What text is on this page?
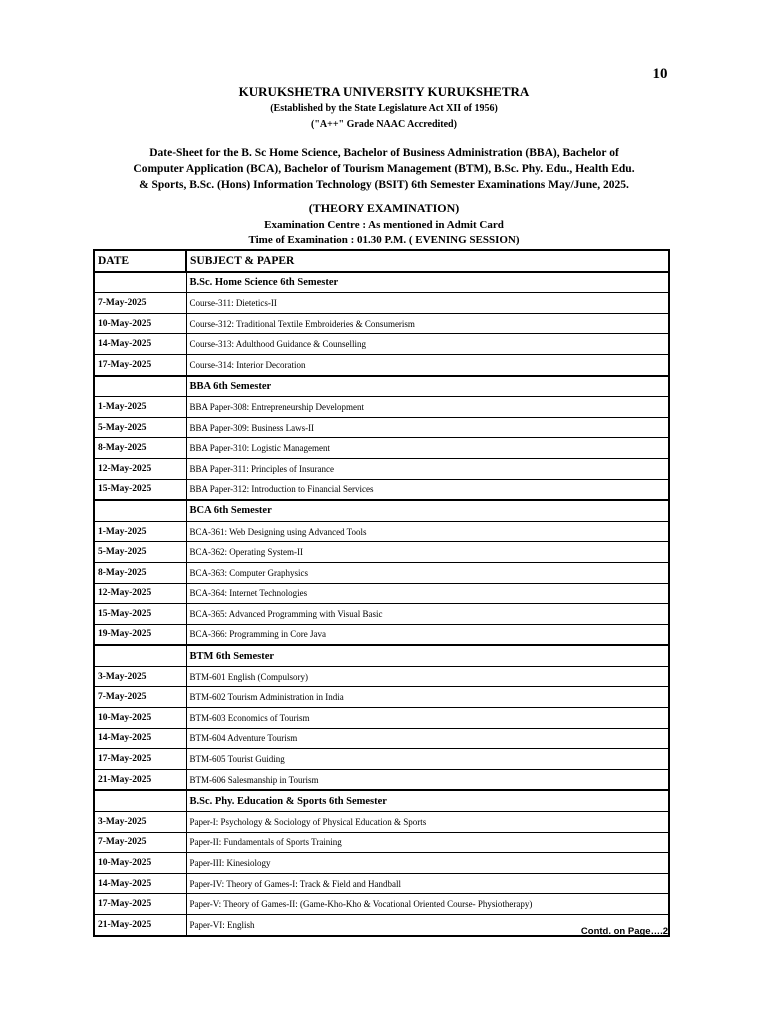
10
KURUKSHETRA UNIVERSITY KURUKSHETRA
(Established by the State Legislature Act XII of 1956)
("A++" Grade NAAC Accredited)
Date-Sheet for the B. Sc Home Science, Bachelor of Business Administration (BBA), Bachelor of
Computer Application (BCA), Bachelor of Tourism Management (BTM), B.Sc. Phy. Edu., Health Edu.
& Sports, B.Sc. (Hons) Information Technology (BSIT) 6th Semester Examinations May/June, 2025.
(THEORY EXAMINATION)
Examination Centre : As mentioned in Admit Card
Time of Examination : 01.30 P.M. ( EVENING SESSION)
DATE	SUBJECT & PAPER
	B.Sc. Home Science 6th Semester
7-May-2025	Course-311: Dietetics-II
10-May-2025	Course-312: Traditional Textile Embroideries & Consumerism
14-May-2025	Course-313: Adulthood Guidance & Counselling
17-May-2025	Course-314: Interior Decoration
	BBA 6th Semester
1-May-2025	BBA Paper-308: Entrepreneurship Development
5-May-2025	BBA Paper-309: Business Laws-II
8-May-2025	BBA Paper-310: Logistic Management
12-May-2025	BBA Paper-311: Principles of Insurance
15-May-2025	BBA Paper-312: Introduction to Financial Services
	BCA 6th Semester
1-May-2025	BCA-361: Web Designing using Advanced Tools
5-May-2025	BCA-362: Operating System-II
8-May-2025	BCA-363: Computer Graphysics
12-May-2025	BCA-364: Internet Technologies
15-May-2025	BCA-365: Advanced Programming with Visual Basic
19-May-2025	BCA-366: Programming in Core Java
	BTM 6th Semester
3-May-2025	BTM-601 English (Compulsory)
7-May-2025	BTM-602 Tourism Administration in India
10-May-2025	BTM-603 Economics of Tourism
14-May-2025	BTM-604 Adventure Tourism
17-May-2025	BTM-605 Tourist Guiding
21-May-2025	BTM-606 Salesmanship in Tourism
	B.Sc. Phy. Education & Sports 6th Semester
3-May-2025	Paper-I: Psychology & Sociology of Physical Education & Sports
7-May-2025	Paper-II: Fundamentals of Sports Training
10-May-2025	Paper-III: Kinesiology
14-May-2025	Paper-IV: Theory of Games-I: Track & Field and Handball
17-May-2025	Paper-V: Theory of Games-II: (Game-Kho-Kho & Vocational Oriented Course- Physiotherapy)
21-May-2025	Paper-VI: English
Contd. on Page….2
